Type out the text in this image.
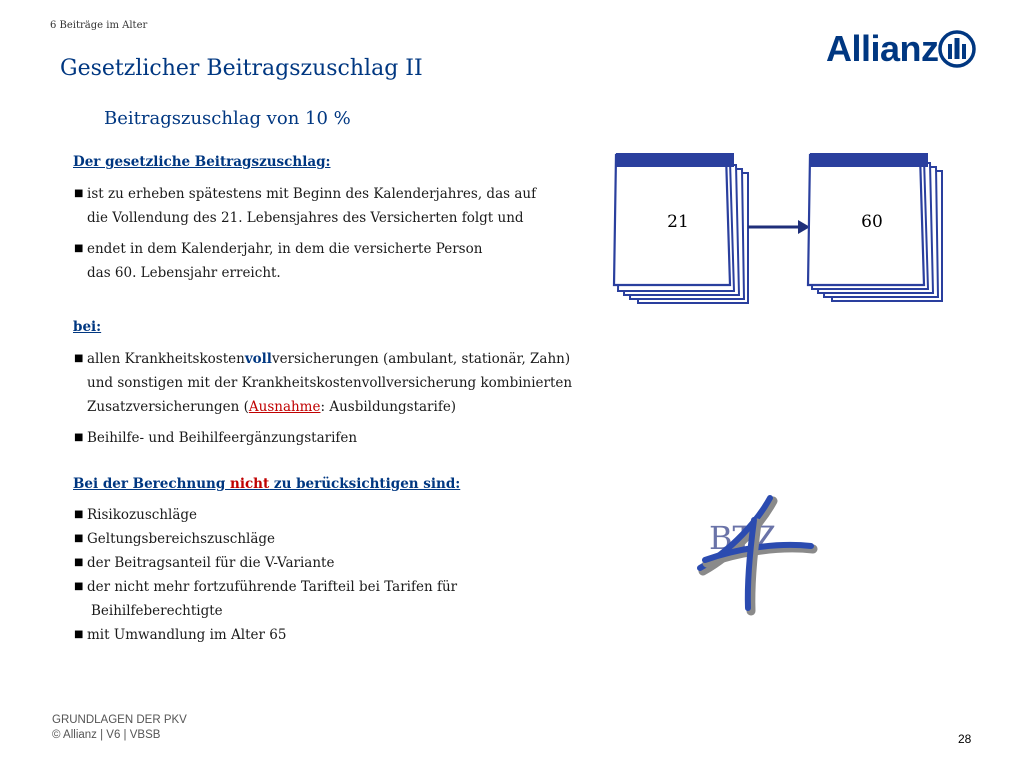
6 Beiträge im Alter
Allianz
Gesetzlicher Beitragszuschlag II
Beitragszuschlag von 10 %
Der gesetzliche Beitragszuschlag:
■ ist zu erheben spätestens mit Beginn des Kalenderjahres, das auf
die Vollendung des 21. Lebensjahres des Versicherten folgt und
■ endet in dem Kalenderjahr, in dem die versicherte Person
das 60. Lebensjahr erreicht.
bei:
■ allen Krankheitskostenvollversicherungen (ambulant, stationär, Zahn)
und sonstigen mit der Krankheitskostenvollversicherung kombinierten
Zusatzversicherungen (Ausnahme: Ausbildungstarife)
■ Beihilfe- und Beihilfeergänzungstarifen
Bei der Berechnung nicht zu berücksichtigen sind:
■ Risikozuschläge
■ Geltungsbereichszuschläge
■ der Beitragsanteil für die V-Variante
■ der nicht mehr fortzuführende Tarifteil bei Tarifen für
Beihilfeberechtigte
■ mit Umwandlung im Alter 65
21	60
BTZ
GRUNDLAGEN DER PKV
© Allianz | V6 | VBSB	28
